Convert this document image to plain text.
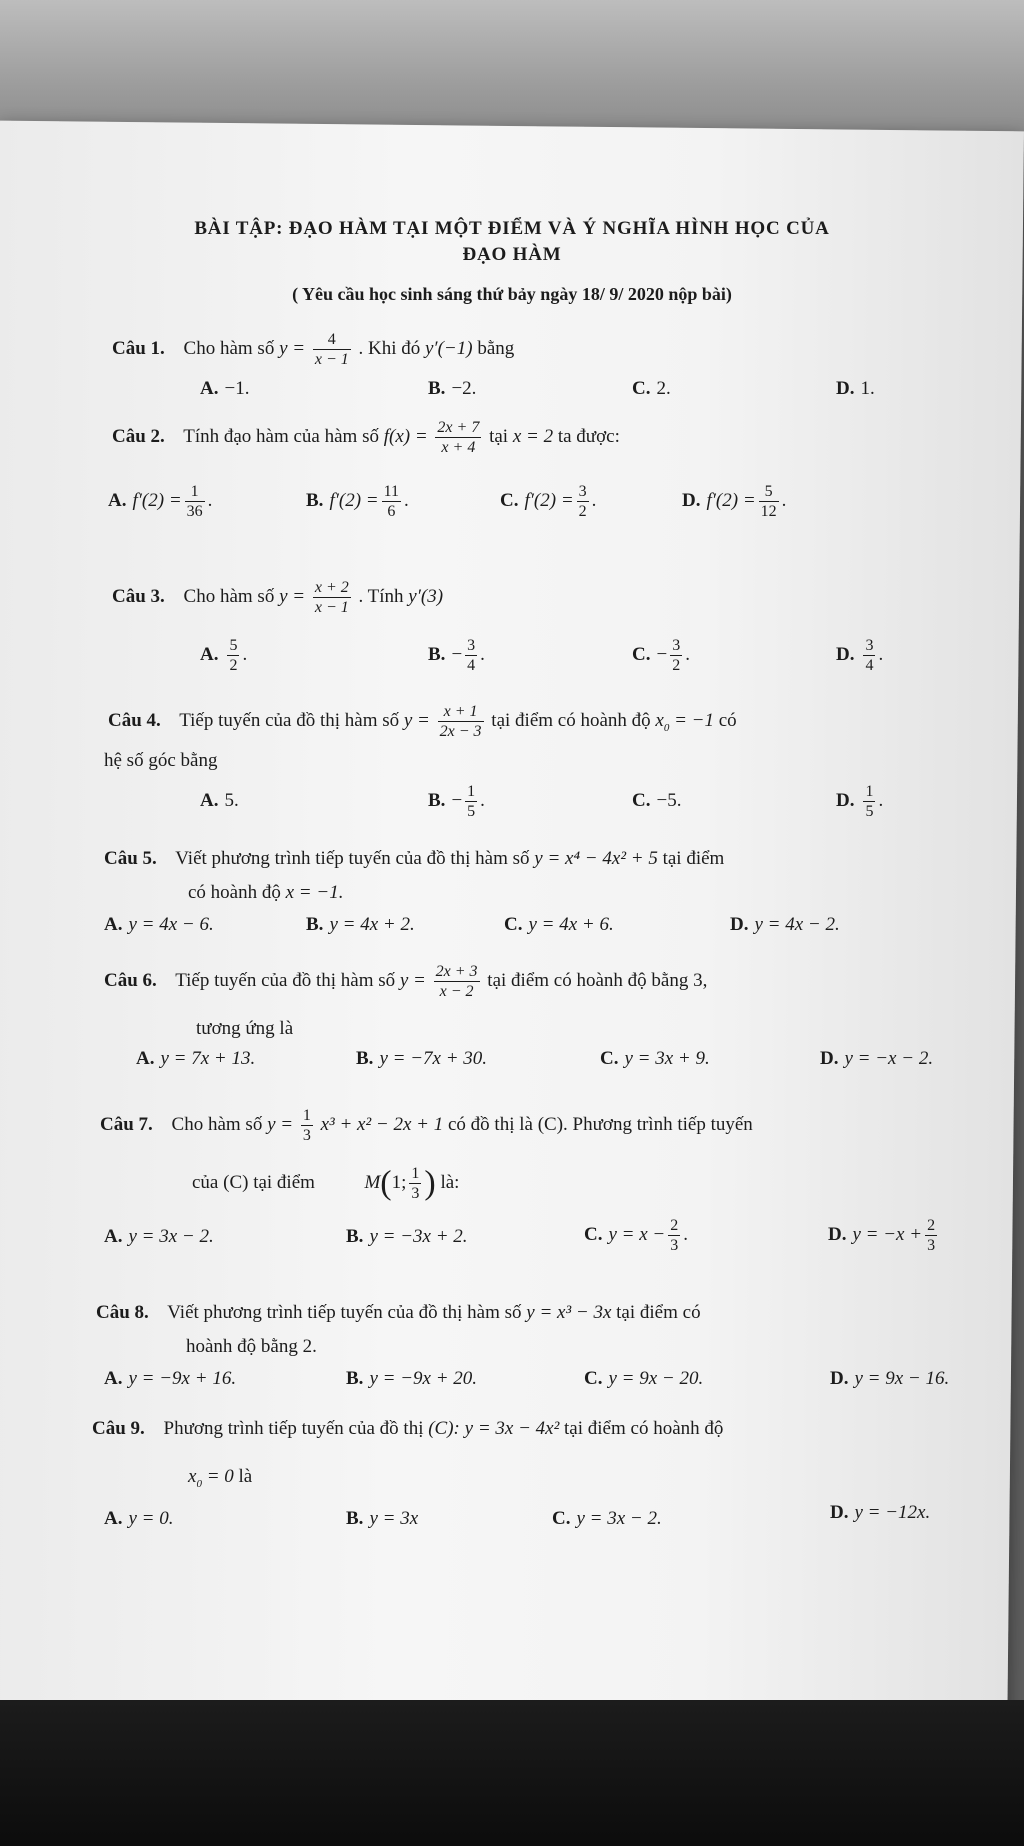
BÀI TẬP: ĐẠO HÀM TẠI MỘT ĐIỂM VÀ Ý NGHĨA HÌNH HỌC CỦA
ĐẠO HÀM
( Yêu cầu học sinh sáng thứ bảy ngày 18/ 9/ 2020 nộp bài)
Câu 1. Cho hàm số $y = \frac{4}{x - 1}$ . Khi đó y′(−1) bằng
A. −1.	B. −2.	C. 2.	D. 1.
Câu 2. Tính đạo hàm của hàm số $f(x) = \frac{2x + 7}{x + 4}$ tại x = 2 ta được:
A. $f'(2) = \frac{1}{36}$ .	B. $f'(2) = \frac{11}{6}$ .	C. $f'(2) = \frac{3}{2}$ .	D. $f'(2) = \frac{5}{12}$ .
Câu 3. Cho hàm số $y = \frac{x + 2}{x - 1}$ . Tính y′(3)
A. $\frac{5}{2}$ .	B. − $\frac{3}{4}$ .	C. − $\frac{3}{2}$ .	D. $\frac{3}{4}$ .
Câu 4. Tiếp tuyến của đồ thị hàm số $y = \frac{x + 1}{2x - 3}$ tại điểm có hoành độ $x_0 = -1$ có
hệ số góc bằng
A. 5.	B. − $\frac{1}{5}$ .	C. −5.	D. $\frac{1}{5}$ .
Câu 5. Viết phương trình tiếp tuyến của đồ thị hàm số y = x⁴ − 4x² + 5 tại điểm
có hoành độ x = −1.
A. y = 4x − 6.	B. y = 4x + 2.	C. y = 4x + 6.	D. y = 4x − 2.
Câu 6. Tiếp tuyến của đồ thị hàm số $y = \frac{2x + 3}{x - 2}$ tại điểm có hoành độ bằng 3,
tương ứng là
A. y = 7x + 13.	B. y = −7x + 30.	C. y = 3x + 9.	D. y = −x − 2.
Câu 7. Cho hàm số $y = \frac{1}{3} x^3 + x^2 - 2x + 1$ có đồ thị là (C). Phương trình tiếp tuyến
của (C) tại điểm	M(1; $\frac{1}{3}$ ) là:
A. y = 3x − 2.	B. y = −3x + 2.	C. $y = x - \frac{2}{3}$ .	D. $y = -x + \frac{2}{3}$
Câu 8. Viết phương trình tiếp tuyến của đồ thị hàm số y = x³ − 3x tại điểm có
hoành độ bằng 2.
A. y = −9x + 16.	B. y = −9x + 20.	C. y = 9x − 20.	D. y = 9x − 16.
Câu 9. Phương trình tiếp tuyến của đồ thị (C): y = 3x − 4x² tại điểm có hoành độ
$x_0 = 0$ là
A. y = 0.	B. y = 3x	C. y = 3x − 2.	D. y = −12x.
